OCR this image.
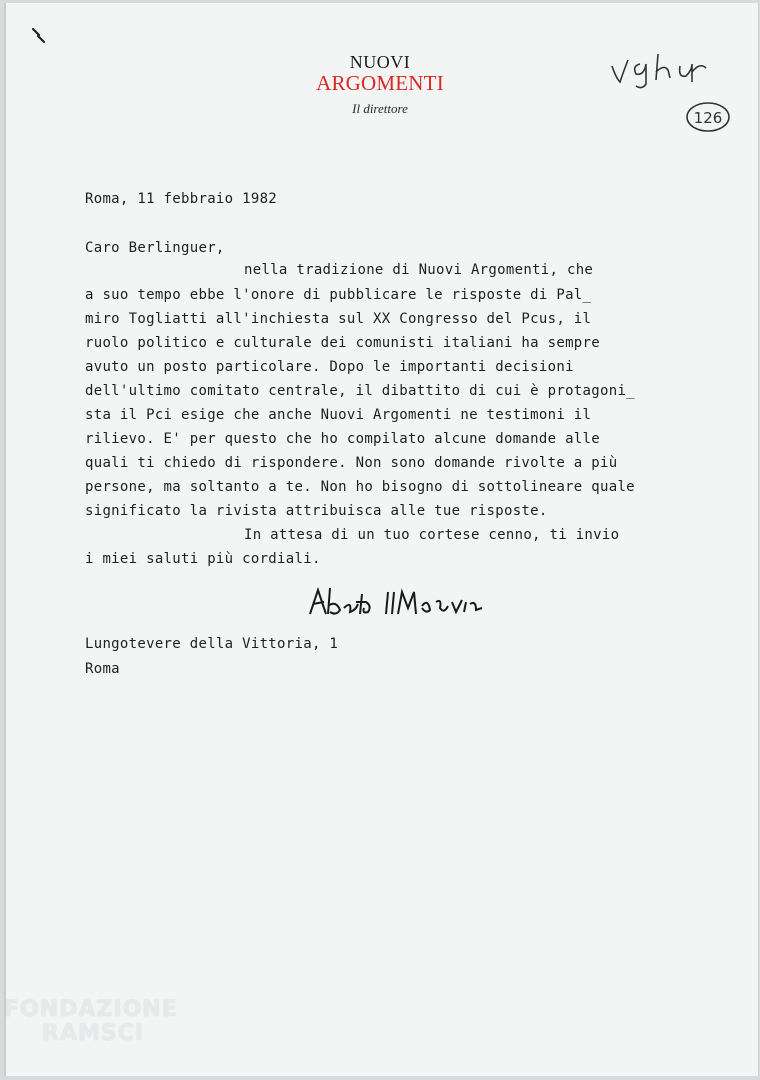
NUOVI
ARGOMENTI
Il direttore
126
Roma, 11 febbraio 1982
Caro Berlinguer,
nella tradizione di Nuovi Argomenti, che
a suo tempo ebbe l'onore di pubblicare le risposte di Pal_
miro Togliatti all'inchiesta sul XX Congresso del Pcus, il
ruolo politico e culturale dei comunisti italiani ha sempre
avuto un posto particolare. Dopo le importanti decisioni
dell'ultimo comitato centrale, il dibattito di cui è protagoni_
sta il Pci esige che anche Nuovi Argomenti ne testimoni il
rilievo. E' per questo che ho compilato alcune domande alle
quali ti chiedo di rispondere. Non sono domande rivolte a più
persone, ma soltanto a te. Non ho bisogno di sottolineare quale
significato la rivista attribuisca alle tue risposte.
In attesa di un tuo cortese cenno, ti invio
i miei saluti più cordiali.
Lungotevere della Vittoria, 1
Roma
FONDAZIONE
RAMSCI
